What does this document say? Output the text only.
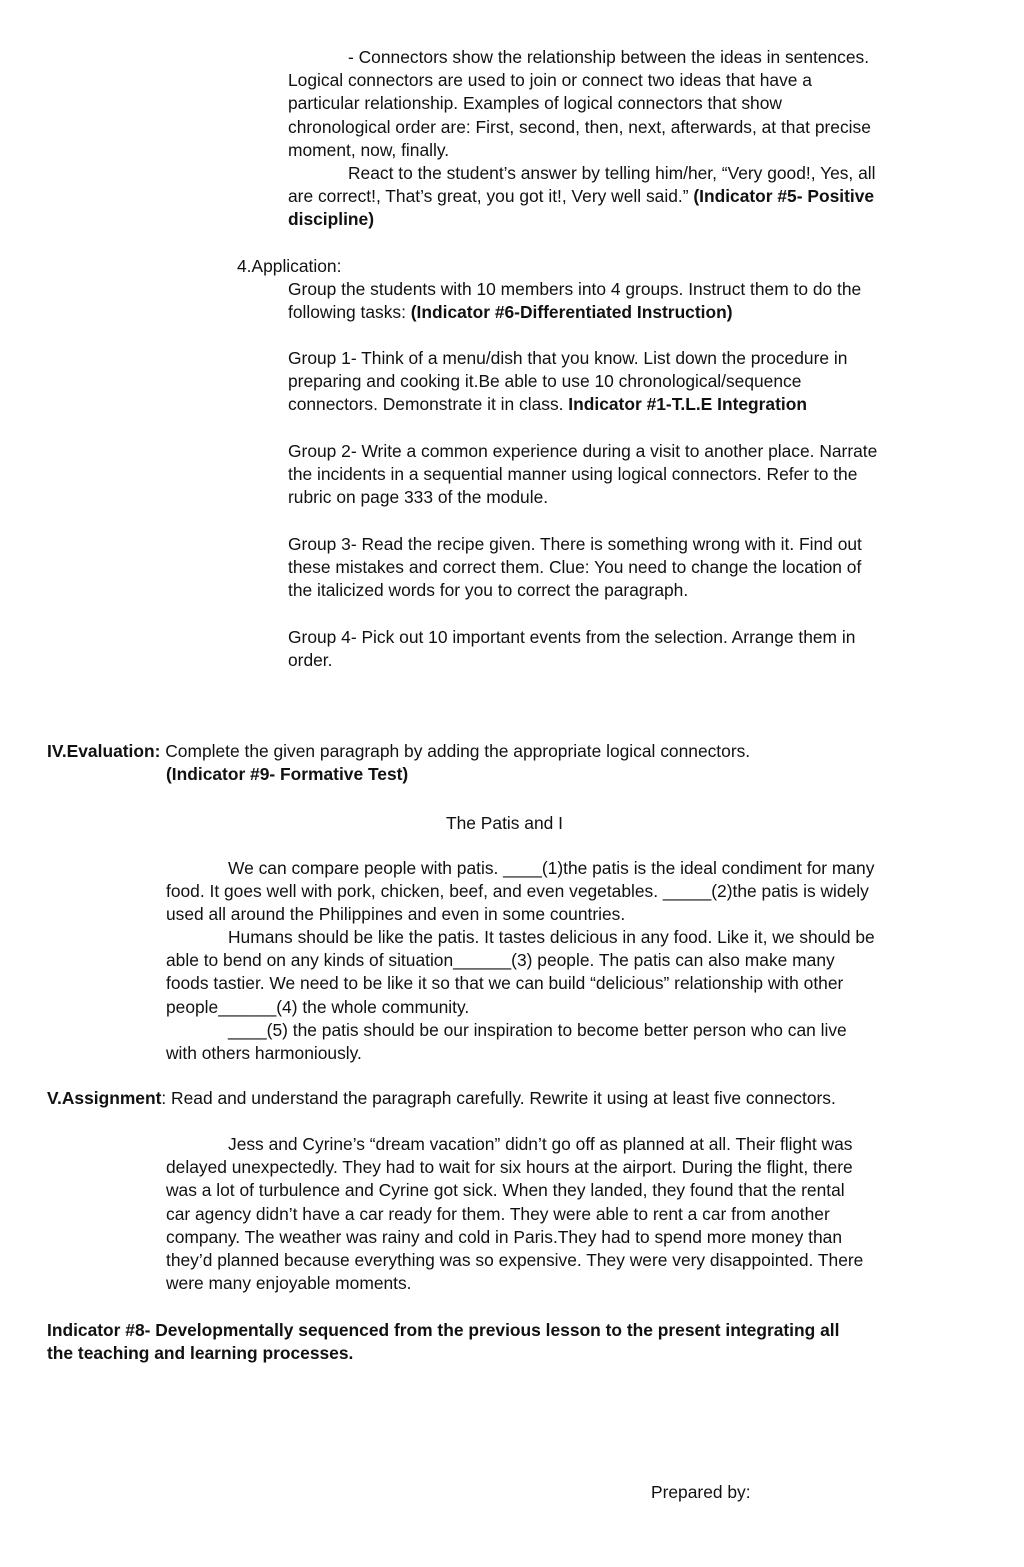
- Connectors show the relationship between the ideas in sentences.
Logical connectors are used to join or connect two ideas that have a
particular relationship. Examples of logical connectors that show
chronological order are: First, second, then, next, afterwards, at that precise
moment, now, finally.
React to the student’s answer by telling him/her, “Very good!, Yes, all
are correct!, That’s great, you got it!, Very well said.” (Indicator #5- Positive
discipline)
4.Application:
Group the students with 10 members into 4 groups. Instruct them to do the
following tasks: (Indicator #6-Differentiated Instruction)
Group 1- Think of a menu/dish that you know. List down the procedure in
preparing and cooking it.Be able to use 10 chronological/sequence
connectors. Demonstrate it in class. Indicator #1-T.L.E Integration
Group 2- Write a common experience during a visit to another place. Narrate
the incidents in a sequential manner using logical connectors. Refer to the
rubric on page 333 of the module.
Group 3- Read the recipe given. There is something wrong with it. Find out
these mistakes and correct them. Clue: You need to change the location of
the italicized words for you to correct the paragraph.
Group 4- Pick out 10 important events from the selection. Arrange them in
order.
IV.Evaluation: Complete the given paragraph by adding the appropriate logical connectors.
(Indicator #9- Formative Test)
The Patis and I
We can compare people with patis. ____(1)the patis is the ideal condiment for many
food. It goes well with pork, chicken, beef, and even vegetables. _____(2)the patis is widely
used all around the Philippines and even in some countries.
Humans should be like the patis. It tastes delicious in any food. Like it, we should be
able to bend on any kinds of situation______(3) people. The patis can also make many
foods tastier. We need to be like it so that we can build “delicious” relationship with other
people______(4) the whole community.
____(5) the patis should be our inspiration to become better person who can live
with others harmoniously.
V.Assignment: Read and understand the paragraph carefully. Rewrite it using at least five connectors.
Jess and Cyrine’s “dream vacation” didn’t go off as planned at all. Their flight was
delayed unexpectedly. They had to wait for six hours at the airport. During the flight, there
was a lot of turbulence and Cyrine got sick. When they landed, they found that the rental
car agency didn’t have a car ready for them. They were able to rent a car from another
company. The weather was rainy and cold in Paris.They had to spend more money than
they’d planned because everything was so expensive. They were very disappointed. There
were many enjoyable moments.
Indicator #8- Developmentally sequenced from the previous lesson to the present integrating all
the teaching and learning processes.
Prepared by:
